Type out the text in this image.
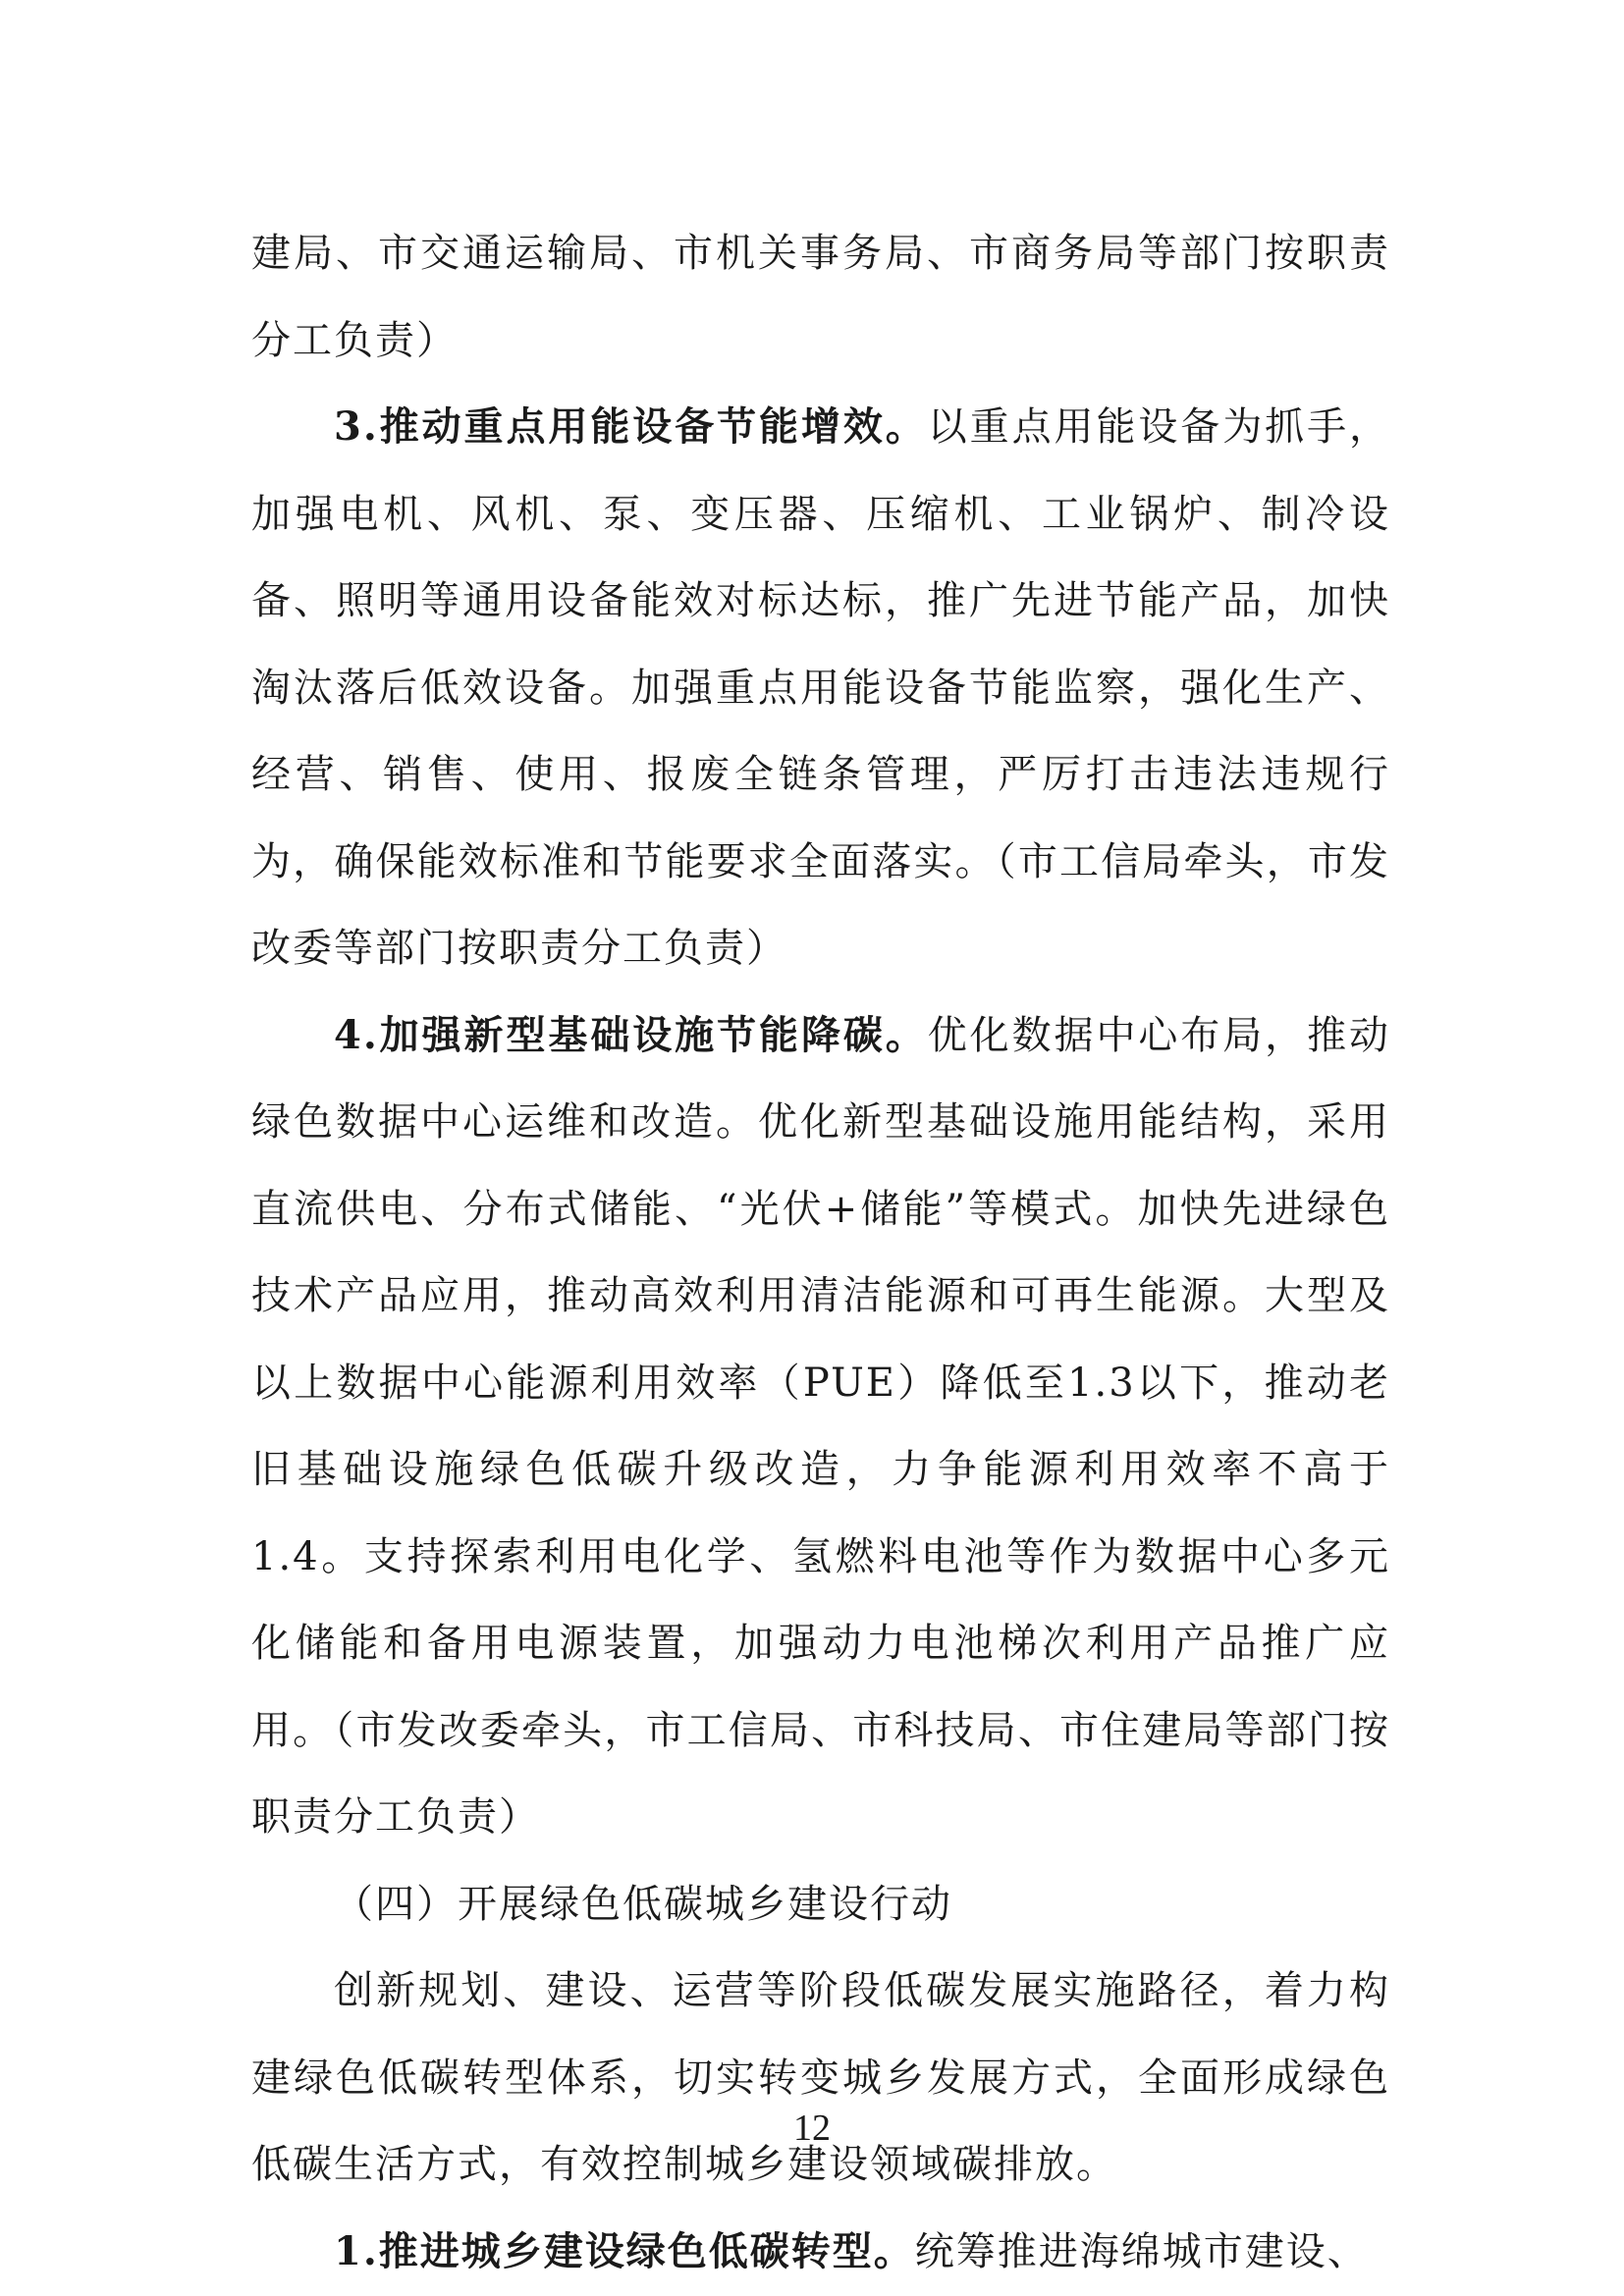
建局、市交通运输局、市机关事务局、市商务局等部门按职责分工负责）

3.推动重点用能设备节能增效。以重点用能设备为抓手，加强电机、风机、泵、变压器、压缩机、工业锅炉、制冷设备、照明等通用设备能效对标达标，推广先进节能产品，加快淘汰落后低效设备。加强重点用能设备节能监察，强化生产、经营、销售、使用、报废全链条管理，严厉打击违法违规行为，确保能效标准和节能要求全面落实。（市工信局牵头，市发改委等部门按职责分工负责）

4.加强新型基础设施节能降碳。优化数据中心布局，推动绿色数据中心运维和改造。优化新型基础设施用能结构，采用直流供电、分布式储能、“光伏+储能”等模式。加快先进绿色技术产品应用，推动高效利用清洁能源和可再生能源。大型及以上数据中心能源利用效率（PUE）降低至1.3以下，推动老旧基础设施绿色低碳升级改造，力争能源利用效率不高于1.4。支持探索利用电化学、氢燃料电池等作为数据中心多元化储能和备用电源装置，加强动力电池梯次利用产品推广应用。（市发改委牵头，市工信局、市科技局、市住建局等部门按职责分工负责）

（四）开展绿色低碳城乡建设行动

创新规划、建设、运营等阶段低碳发展实施路径，着力构建绿色低碳转型体系，切实转变城乡发展方式，全面形成绿色低碳生活方式，有效控制城乡建设领域碳排放。

1.推进城乡建设绿色低碳转型。统筹推进海绵城市建设、

12
